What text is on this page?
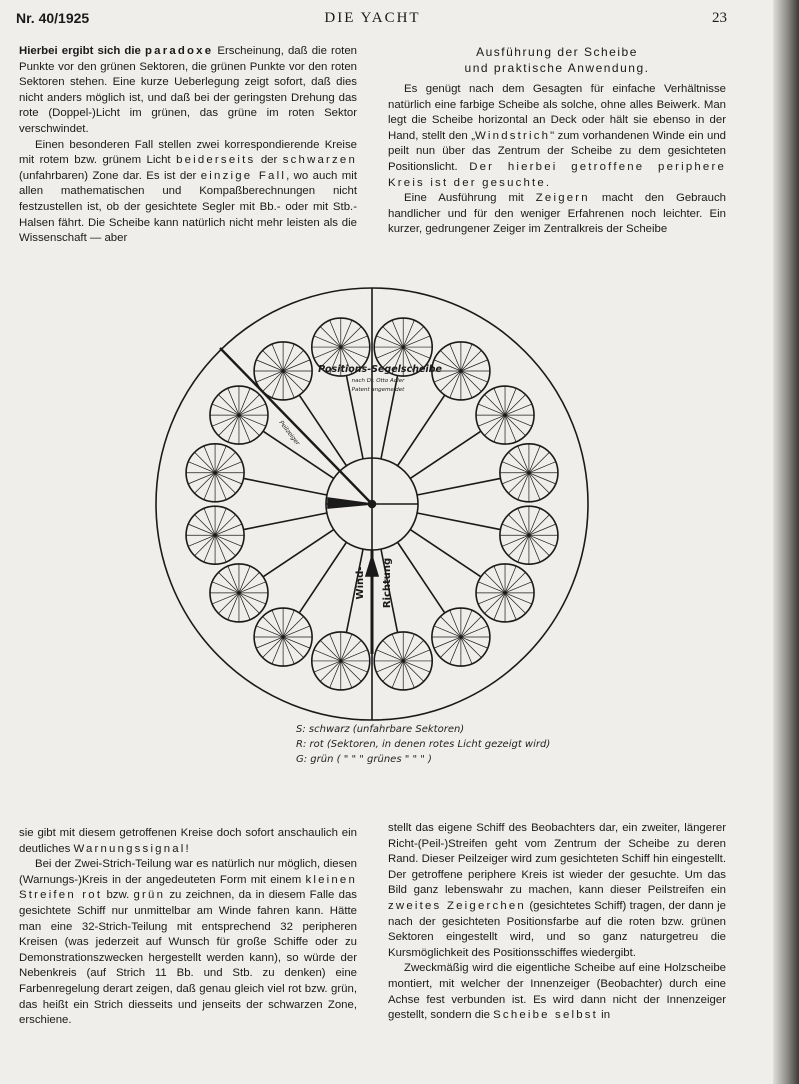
Nr. 40/1925	DIE YACHT	23

Hierbei ergibt sich die paradoxe Erscheinung, daß die roten Punkte vor den grünen Sektoren, die grünen Punkte vor den roten Sektoren stehen. Eine kurze Ueberlegung zeigt sofort, daß dies nicht anders möglich ist, und daß bei der geringsten Drehung das rote (Doppel-)Licht im grünen, das grüne im roten Sektor verschwindet.

Einen besonderen Fall stellen zwei korrespondierende Kreise mit rotem bzw. grünem Licht beiderseits der schwarzen (unfahrbaren) Zone dar. Es ist der einzige Fall, wo auch mit allen mathematischen und Kompaßberechnungen nicht festzustellen ist, ob der gesichtete Segler mit Bb.- oder mit Stb.-Halsen fährt. Die Scheibe kann natürlich nicht mehr leisten als die Wissenschaft — aber

Ausführung der Scheibe
und praktische Anwendung.

Es genügt nach dem Gesagten für einfache Verhältnisse natürlich eine farbige Scheibe als solche, ohne alles Beiwerk. Man legt die Scheibe horizontal an Deck oder hält sie ebenso in der Hand, stellt den „Windstrich" zum vorhandenen Winde ein und peilt nun über das Zentrum der Scheibe zu dem gesichteten Positionslicht. Der hierbei getroffene periphere Kreis ist der gesuchte.

Eine Ausführung mit Zeigern macht den Gebrauch handlicher und für den weniger Erfahrenen noch leichter. Ein kurzer, gedrungener Zeiger im Zentralkreis der Scheibe

Positions-Segelscheibe
nach Dr. Otto Adler
Patent angemeldet
Wind- Richtung
Peilzeiger
S: schwarz (unfahrbare Sektoren)
R: rot (Sektoren, in denen rotes Licht gezeigt wird)
G: grün ( " " " grünes " " " )

sie gibt mit diesem getroffenen Kreise doch sofort anschaulich ein deutliches Warnungssignal!

Bei der Zwei-Strich-Teilung war es natürlich nur möglich, diesen (Warnungs-)Kreis in der angedeuteten Form mit einem kleinen Streifen rot bzw. grün zu zeichnen, da in diesem Falle das gesichtete Schiff nur unmittelbar am Winde fahren kann. Hätte man eine 32-Strich-Teilung mit entsprechend 32 peripheren Kreisen (was jederzeit auf Wunsch für große Schiffe oder zu Demonstrationszwecken hergestellt werden kann), so würde der Nebenkreis (auf Strich 11 Bb. und Stb. zu denken) eine Farbenregelung derart zeigen, daß genau gleich viel rot bzw. grün, das heißt ein Strich diesseits und jenseits der schwarzen Zone, erschiene.

stellt das eigene Schiff des Beobachters dar, ein zweiter, längerer Richt-(Peil-)Streifen geht vom Zentrum der Scheibe zu deren Rand. Dieser Peilzeiger wird zum gesichteten Schiff hin eingestellt. Der getroffene periphere Kreis ist wieder der gesuchte. Um das Bild ganz lebenswahr zu machen, kann dieser Peilstreifen ein zweites Zeigerchen (gesichtetes Schiff) tragen, der dann je nach der gesichteten Positionsfarbe auf die roten bzw. grünen Sektoren eingestellt wird, und so ganz naturgetreu die Kursmöglichkeit des Positionsschiffes wiedergibt.

Zweckmäßig wird die eigentliche Scheibe auf eine Holzscheibe montiert, mit welcher der Innenzeiger (Beobachter) durch eine Achse fest verbunden ist. Es wird dann nicht der Innenzeiger gestellt, sondern die Scheibe selbst in
